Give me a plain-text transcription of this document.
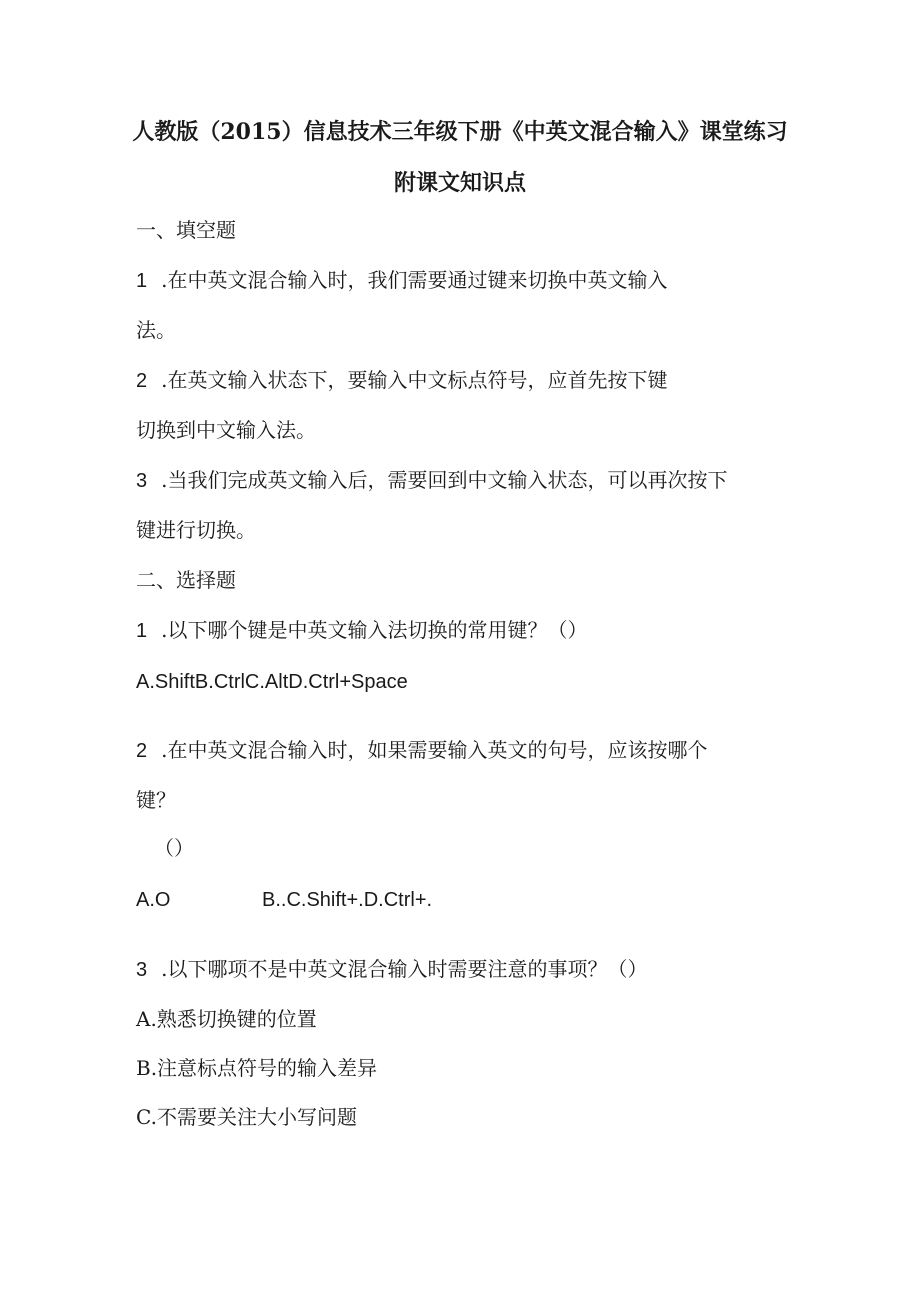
人教版（2015）信息技术三年级下册《中英文混合输入》课堂练习
附课文知识点
一、填空题
1 .在中英文混合输入时，我们需要通过键来切换中英文输入
法。
2 .在英文输入状态下，要输入中文标点符号，应首先按下键
切换到中文输入法。
3 .当我们完成英文输入后，需要回到中文输入状态，可以再次按下
键进行切换。
二、选择题
1 .以下哪个键是中英文输入法切换的常用键？（）
A.ShiftB.CtrlC.AltD.Ctrl+Space
2 .在中英文混合输入时，如果需要输入英文的句号，应该按哪个
键？
（）
A.O	B..C.Shift+.D.Ctrl+.
3 .以下哪项不是中英文混合输入时需要注意的事项？（）
A.熟悉切换键的位置
B.注意标点符号的输入差异
C.不需要关注大小写问题
